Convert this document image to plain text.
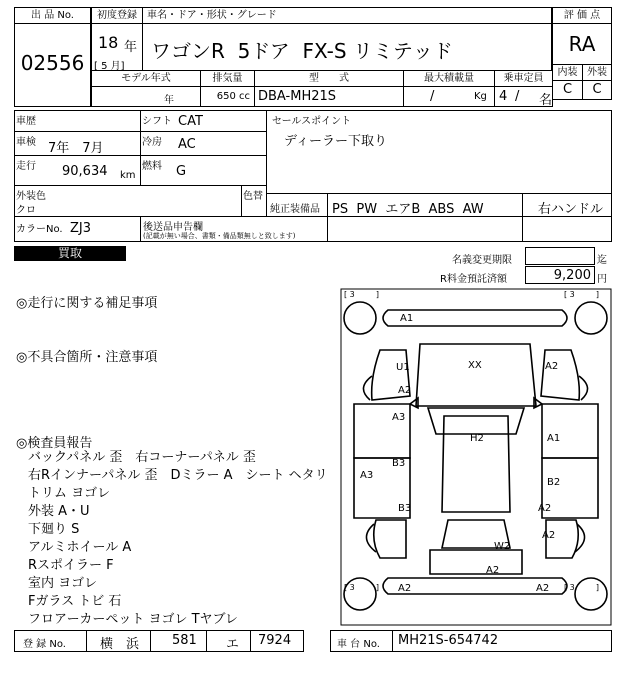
出 品 No.
02556
初度登録	車名・ドア・形状・グレード
18 年
[ 5 月]
ワゴンR  5ドア  FX-S リミテッド
評 価 点
RA
内装 外装
C	C
モデル年式	排気量	型　　式	最大積載量	乗車定員
年	650 cc DBA-MH21S	/	Kg 4 / 名
車歴	シフト CAT
車検 7年　7月	冷房 AC
走行 90,634 km
燃料 G
外装色
クロ
色替
カラーNo. ZJ3	後送品申告欄
(記載が無い場合、書類・備品類無しと致します)
セールスポイント
ディーラー下取り
純正装備品 PS  PW  エアB  ABS  AW	右ハンドル
買取
名義変更期限	迄
R料金預託済額	9,200 円
◎走行に関する補足事項
◎不具合箇所・注意事項
◎検査員報告
バックパネル 歪　右コーナーパネル 歪
右Rインナーパネル 歪　Dミラー A　シート ヘタリ
トリム ヨゴレ
外装 A・U
下廻り S
アルミホイール A
Rスポイラー F
室内 ヨゴレ
Fガラス トビ 石
フロアーカーペット ヨゴレ Tヤブレ
[ 3 　　 ]	[ 3 　　 ]
[ 3 　　 ]	[ 3 　　 ]
A1
U1
A2
XX	A2
A3
H2	A1
B3
A3
B2
B3	A2
A2
W2
A2	A2
A2
登 録 No.	横　浜	581 エ 7924	車 台 No. MH21S-654742
